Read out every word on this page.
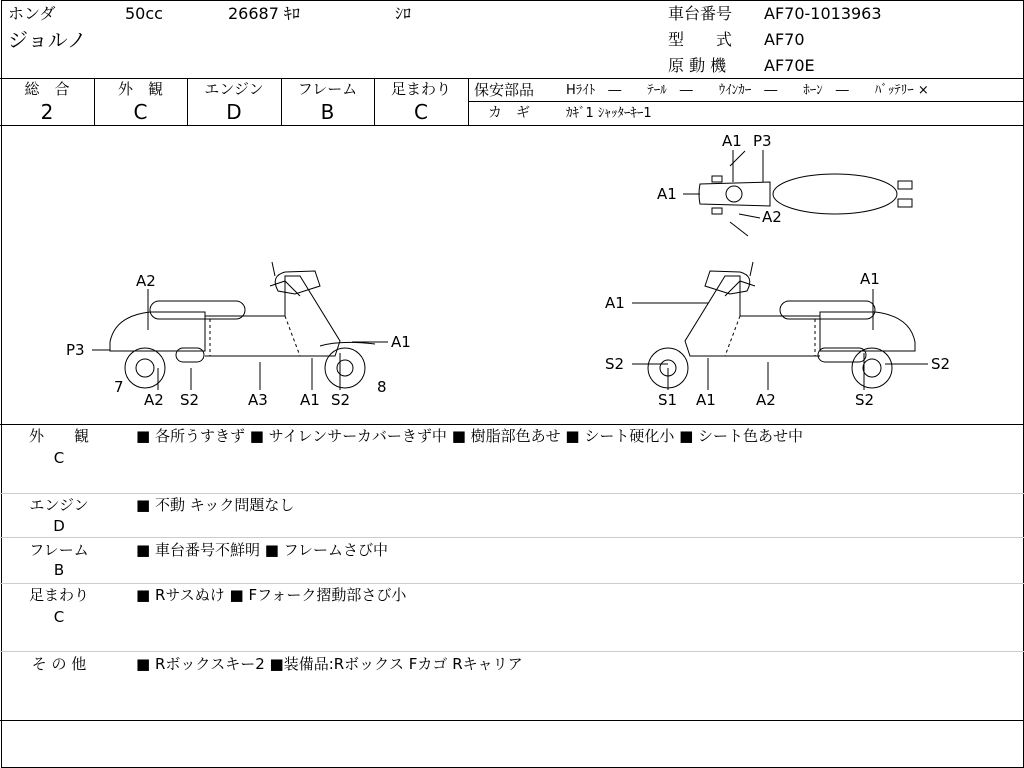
ホンダ	50cc	26687 ｷﾛ	ｼﾛ
ジョルノ
車台番号 AF70-1013963
型　　式 AF70
原 動 機 AF70E
総　合
2
外　観
C
エンジン
D
フレーム
B
足まわり
C
保安部品 Hﾗｲﾄ　―　　ﾃｰﾙ　―　　ｳｲﾝｶｰ　―　　ﾎｰﾝ　―　　ﾊﾞｯﾃﾘｰ ×
カ　ギ	ｶｷﾞ1 ｼｬｯﾀｰｷｰ1
A2
P3
7
A2 S2	A3 A1 S2
8
A1
A1
A1
S2
S1 A1	A2	S2
S2
A1 P3
A1
A2
外　　観
C
■ 各所うすきず ■ サイレンサーカバーきず中 ■ 樹脂部色あせ ■ シート硬化小 ■ シート色あせ中
エンジン
D
■ 不動 キック問題なし
フレーム
B
■ 車台番号不鮮明 ■ フレームさび中
足まわり
C
■ Rサスぬけ ■ Fフォーク摺動部さび小
そ の 他	■ Rボックスキー2 ■装備品:Rボックス Fカゴ Rキャリア
